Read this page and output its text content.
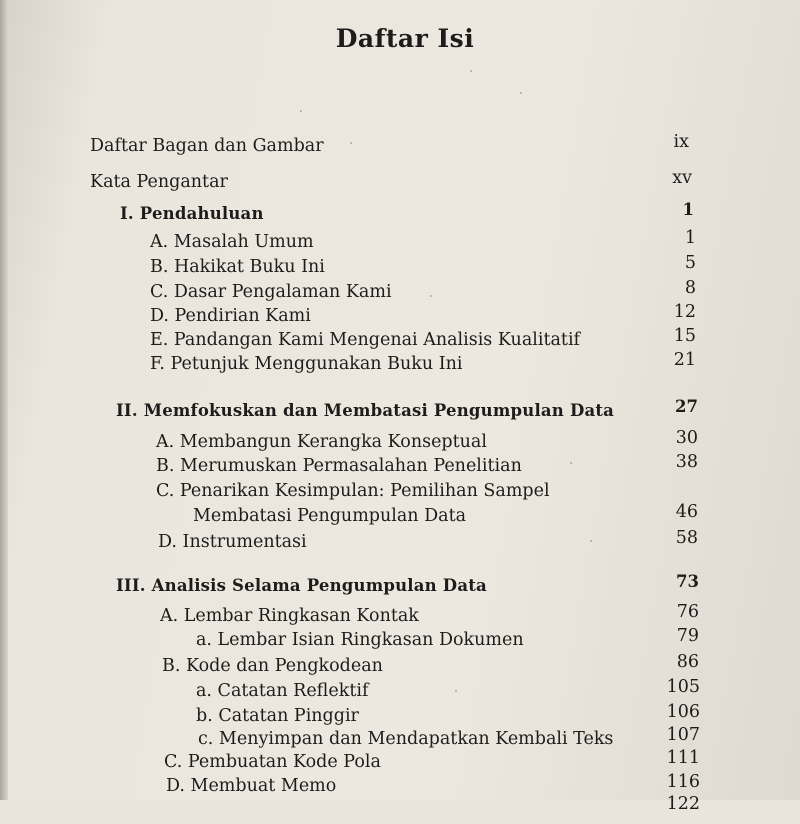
Daftar Isi
Daftar Bagan dan Gambar	ix
Kata Pengantar	xv
I. Pendahuluan	1
A. Masalah Umum	1
B. Hakikat Buku Ini	5
C. Dasar Pengalaman Kami	8
D. Pendirian Kami	12
E. Pandangan Kami Mengenai Analisis Kualitatif	15
F. Petunjuk Menggunakan Buku Ini	21
II. Memfokuskan dan Membatasi Pengumpulan Data	27
A. Membangun Kerangka Konseptual	30
B. Merumuskan Permasalahan Penelitian	38
C. Penarikan Kesimpulan: Pemilihan Sampel
Membatasi Pengumpulan Data	46
D. Instrumentasi	58
III. Analisis Selama Pengumpulan Data	73
A. Lembar Ringkasan Kontak	76
a. Lembar Isian Ringkasan Dokumen	79
B. Kode dan Pengkodean	86
a. Catatan Reflektif	105
b. Catatan Pinggir	106
c. Menyimpan dan Mendapatkan Kembali Teks	107
C. Pembuatan Kode Pola	111
D. Membuat Memo	116
122
